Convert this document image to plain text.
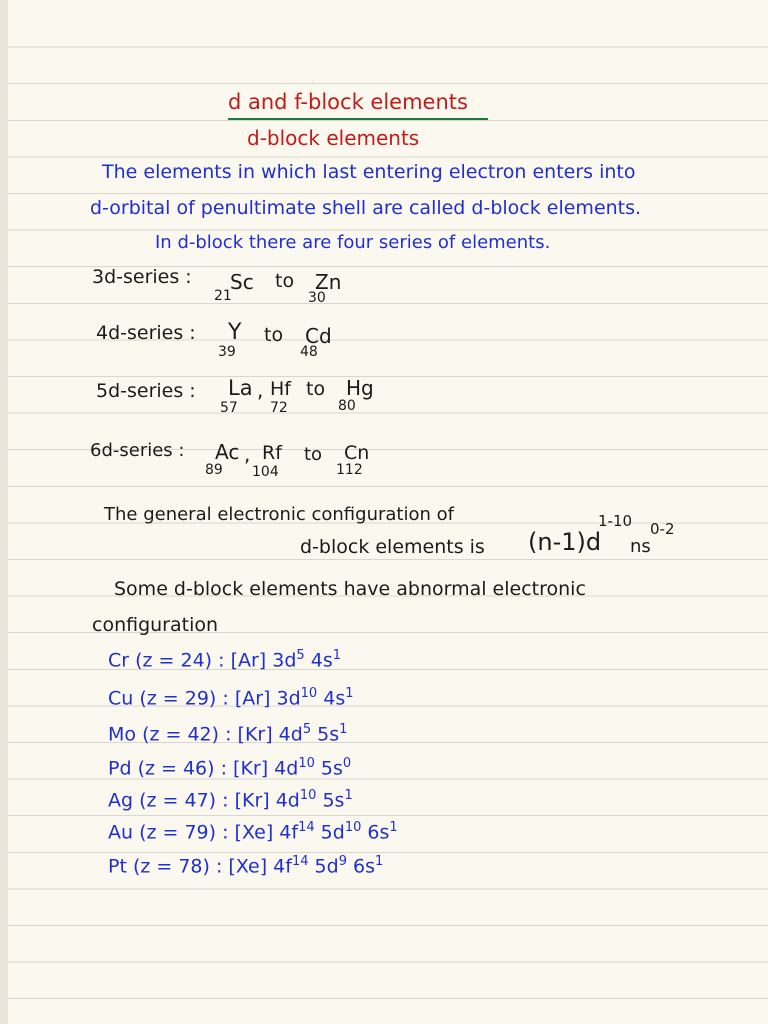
d and f-block elements
d-block elements
The elements in which last entering electron enters into
d-orbital of penultimate shell are called d-block elements.
In d-block there are four series of elements.
3d-series : Sc
21
to Zn
30
4d-series : Y
39
to Cd
48
5d-series : La ,
57
Hf
72
to Hg
80
6d-series : Ac ,
89
Rf
104
to Cn
112
The general electronic configuration of
d-block elements is (n-1)d
1-10
ns
0-2
Some d-block elements have abnormal electronic
configuration
Cr (z = 24) : [Ar] $3d^5$ $4s^1$
Cu (z = 29) : [Ar] $3d^{10}$ $4s^1$
Mo (z = 42) : [Kr] $4d^5$ $5s^1$
Pd (z = 46) : [Kr] $4d^{10}$ $5s^0$
Ag (z = 47) : [Kr] $4d^{10}$ $5s^1$
Au (z = 79) : [Xe] $4f^{14}$ $5d^{10}$ $6s^1$
Pt (z = 78) : [Xe] $4f^{14}$ $5d^9$ $6s^1$
